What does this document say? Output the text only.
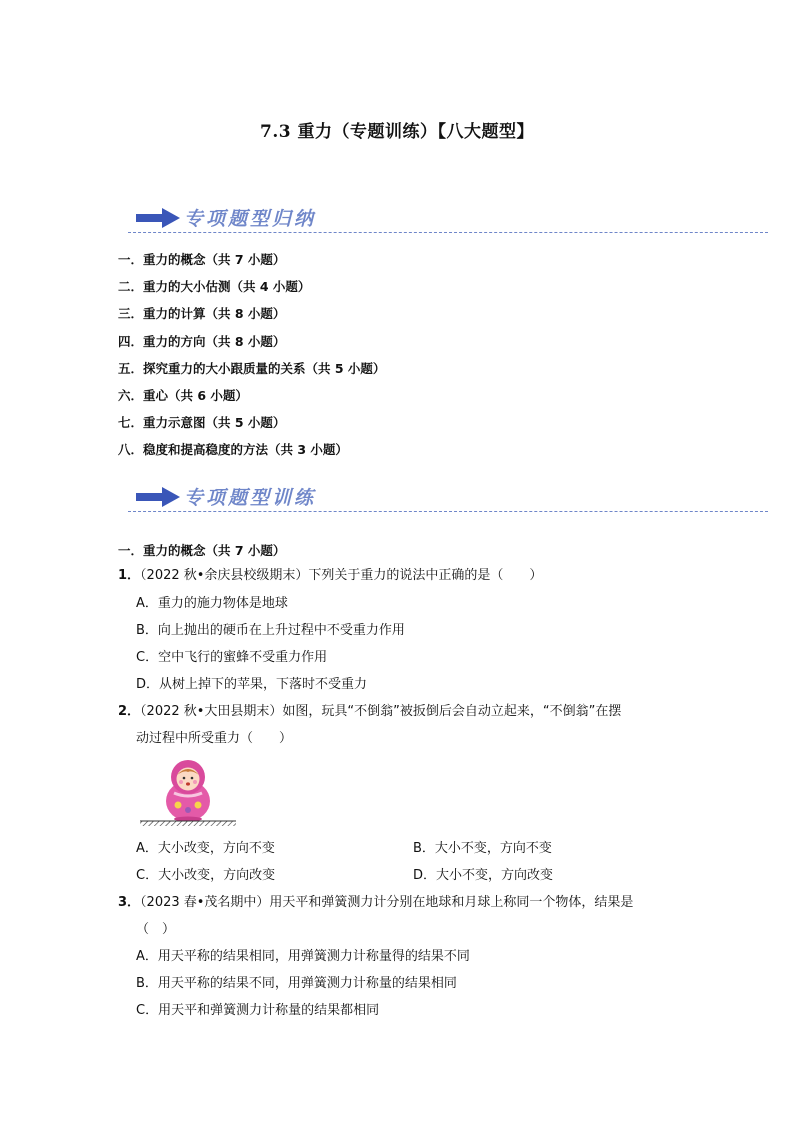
7.3 重力（专题训练）【八大题型】
专项题型归纳
一．重力的概念（共 7 小题）
二．重力的大小估测（共 4 小题）
三．重力的计算（共 8 小题）
四．重力的方向（共 8 小题）
五．探究重力的大小跟质量的关系（共 5 小题）
六．重心（共 6 小题）
七．重力示意图（共 5 小题）
八．稳度和提高稳度的方法（共 3 小题）
专项题型训练
一．重力的概念（共 7 小题）
1．（2022 秋•余庆县校级期末）下列关于重力的说法中正确的是（　　）
A．重力的施力物体是地球
B．向上抛出的硬币在上升过程中不受重力作用
C．空中飞行的蜜蜂不受重力作用
D．从树上掉下的苹果，下落时不受重力
2．（2022 秋•大田县期末）如图，玩具“不倒翁”被扳倒后会自动立起来，“不倒翁”在摆
动过程中所受重力（　　）
A．大小改变，方向不变	B．大小不变，方向不变
C．大小改变，方向改变	D．大小不变，方向改变
3．（2023 春•茂名期中）用天平和弹簧测力计分别在地球和月球上称同一个物体，结果是
（　）
A．用天平称的结果相同，用弹簧测力计称量得的结果不同
B．用天平称的结果不同，用弹簧测力计称量的结果相同
C．用天平和弹簧测力计称量的结果都相同
